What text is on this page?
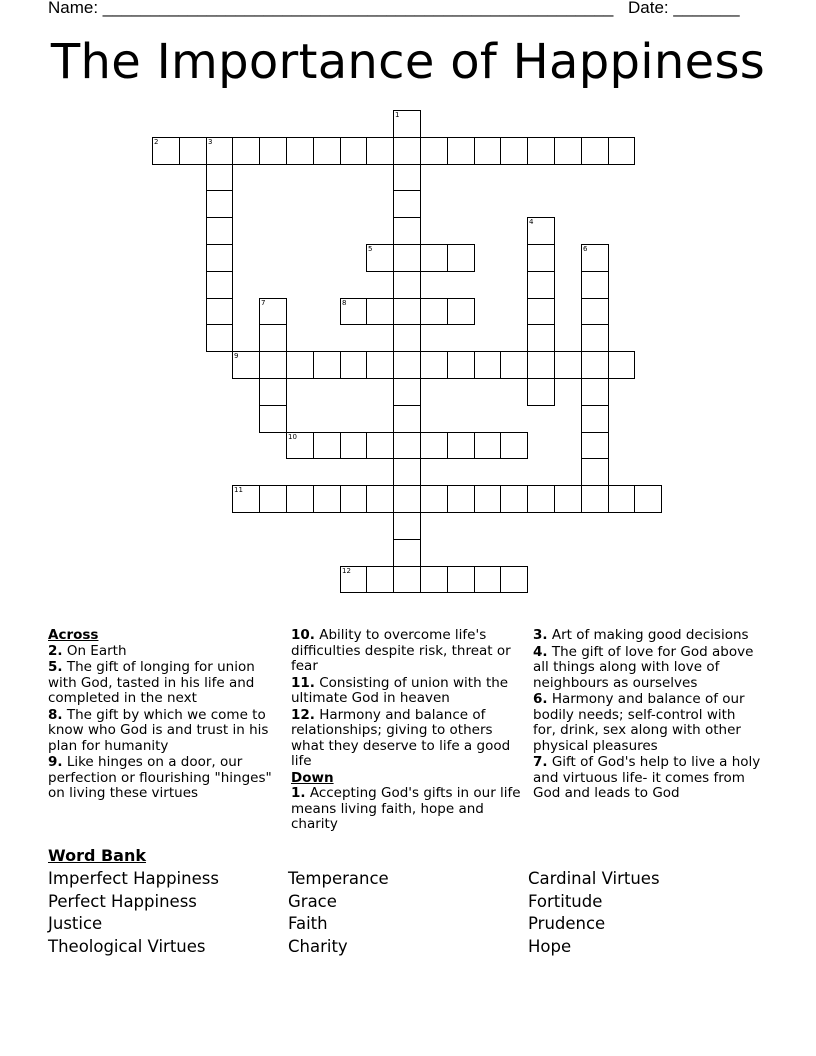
Name: ______________________________________________________ Date: _______
The Importance of Happiness
1
2	3
4
5	6
7	8
9
10
11
12
Across
2. On Earth
5. The gift of longing for union with God, tasted in his life and completed in the next
8. The gift by which we come to know who God is and trust in his plan for humanity
9. Like hinges on a door, our perfection or flourishing "hinges" on living these virtues
10. Ability to overcome life's difficulties despite risk, threat or fear
11. Consisting of union with the ultimate God in heaven
12. Harmony and balance of relationships; giving to others what they deserve to life a good life
Down
1. Accepting God's gifts in our life means living faith, hope and charity
3. Art of making good decisions
4. The gift of love for God above all things along with love of neighbours as ourselves
6. Harmony and balance of our bodily needs; self-control with for, drink, sex along with other physical pleasures
7. Gift of God's help to live a holy and virtuous life- it comes from God and leads to God
Word Bank
Imperfect Happiness
Perfect Happiness
Justice
Theological Virtues
Temperance
Grace
Faith
Charity
Cardinal Virtues
Fortitude
Prudence
Hope
